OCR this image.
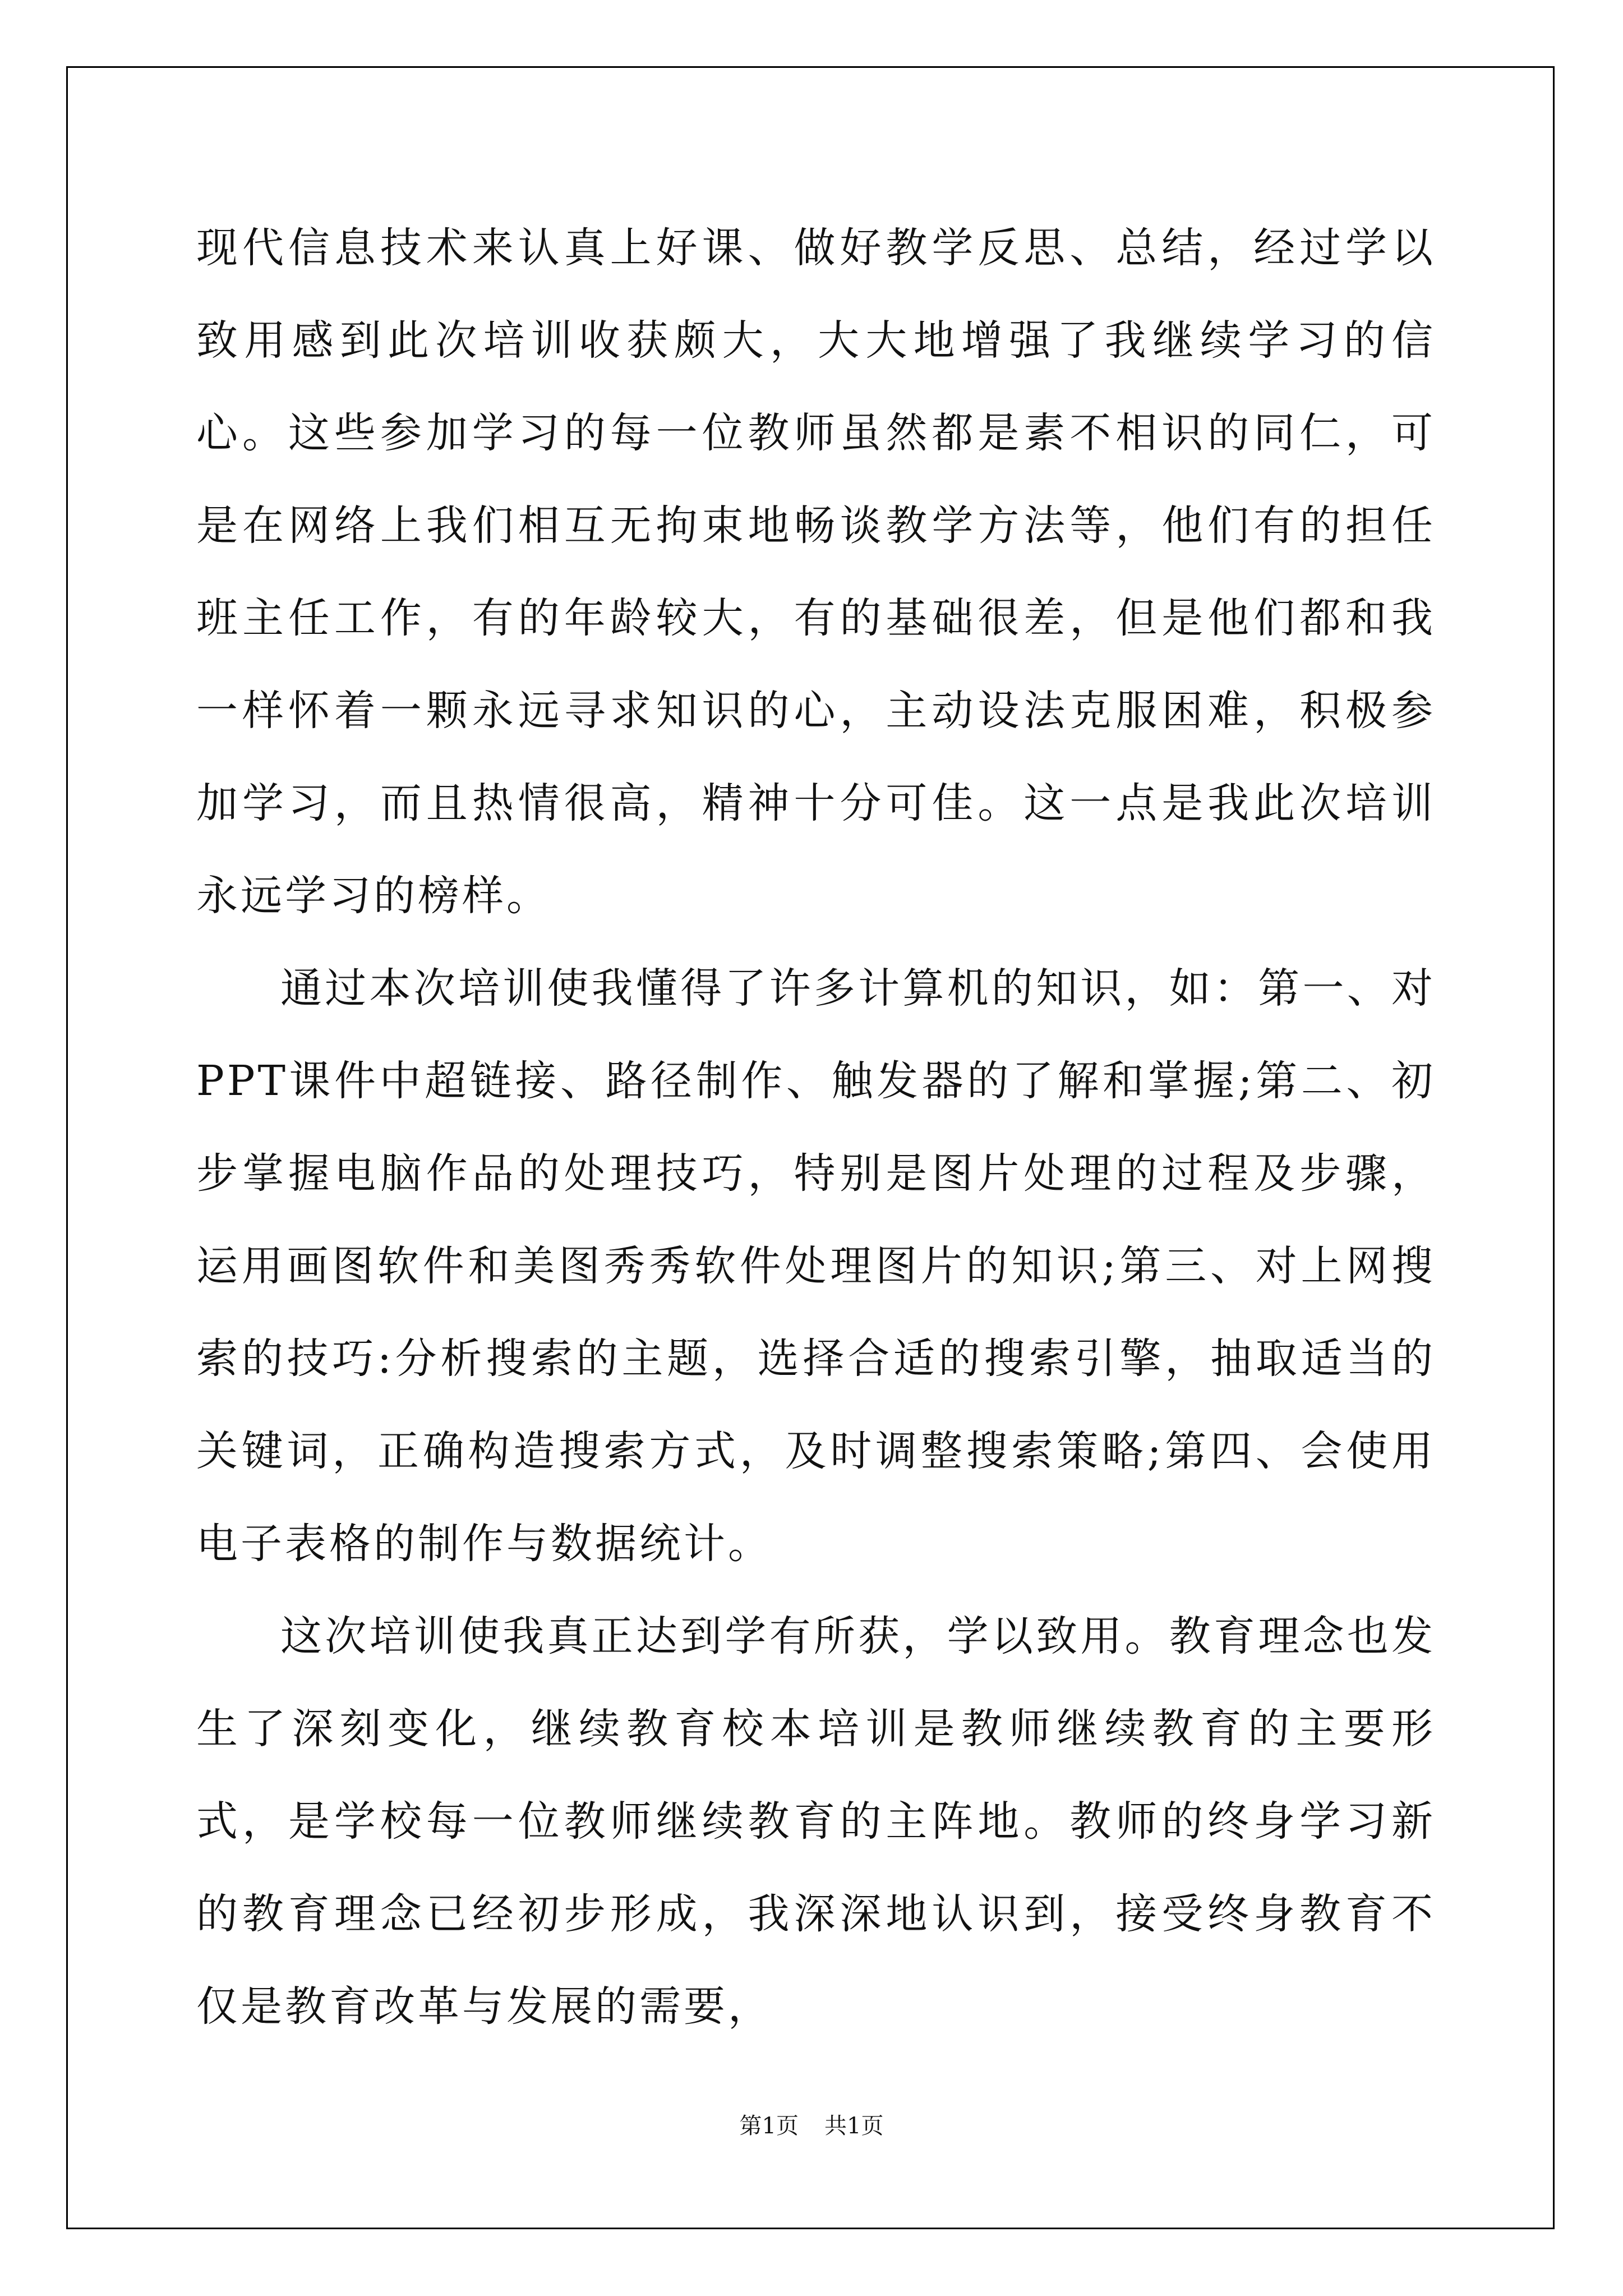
现代信息技术来认真上好课、做好教学反思、总结，经过学以致用感到此次培训收获颇大，大大地增强了我继续学习的信心。这些参加学习的每一位教师虽然都是素不相识的同仁，可是在网络上我们相互无拘束地畅谈教学方法等，他们有的担任班主任工作，有的年龄较大，有的基础很差，但是他们都和我一样怀着一颗永远寻求知识的心，主动设法克服困难，积极参加学习，而且热情很高，精神十分可佳。这一点是我此次培训永远学习的榜样。

通过本次培训使我懂得了许多计算机的知识，如：第一、对PPT课件中超链接、路径制作、触发器的了解和掌握;第二、初步掌握电脑作品的处理技巧，特别是图片处理的过程及步骤，运用画图软件和美图秀秀软件处理图片的知识;第三、对上网搜索的技巧:分析搜索的主题，选择合适的搜索引擎，抽取适当的关键词，正确构造搜索方式，及时调整搜索策略;第四、会使用电子表格的制作与数据统计。

这次培训使我真正达到学有所获，学以致用。教育理念也发生了深刻变化，继续教育校本培训是教师继续教育的主要形式，是学校每一位教师继续教育的主阵地。教师的终身学习新的教育理念已经初步形成，我深深地认识到，接受终身教育不仅是教育改革与发展的需要，

第1页 共1页
